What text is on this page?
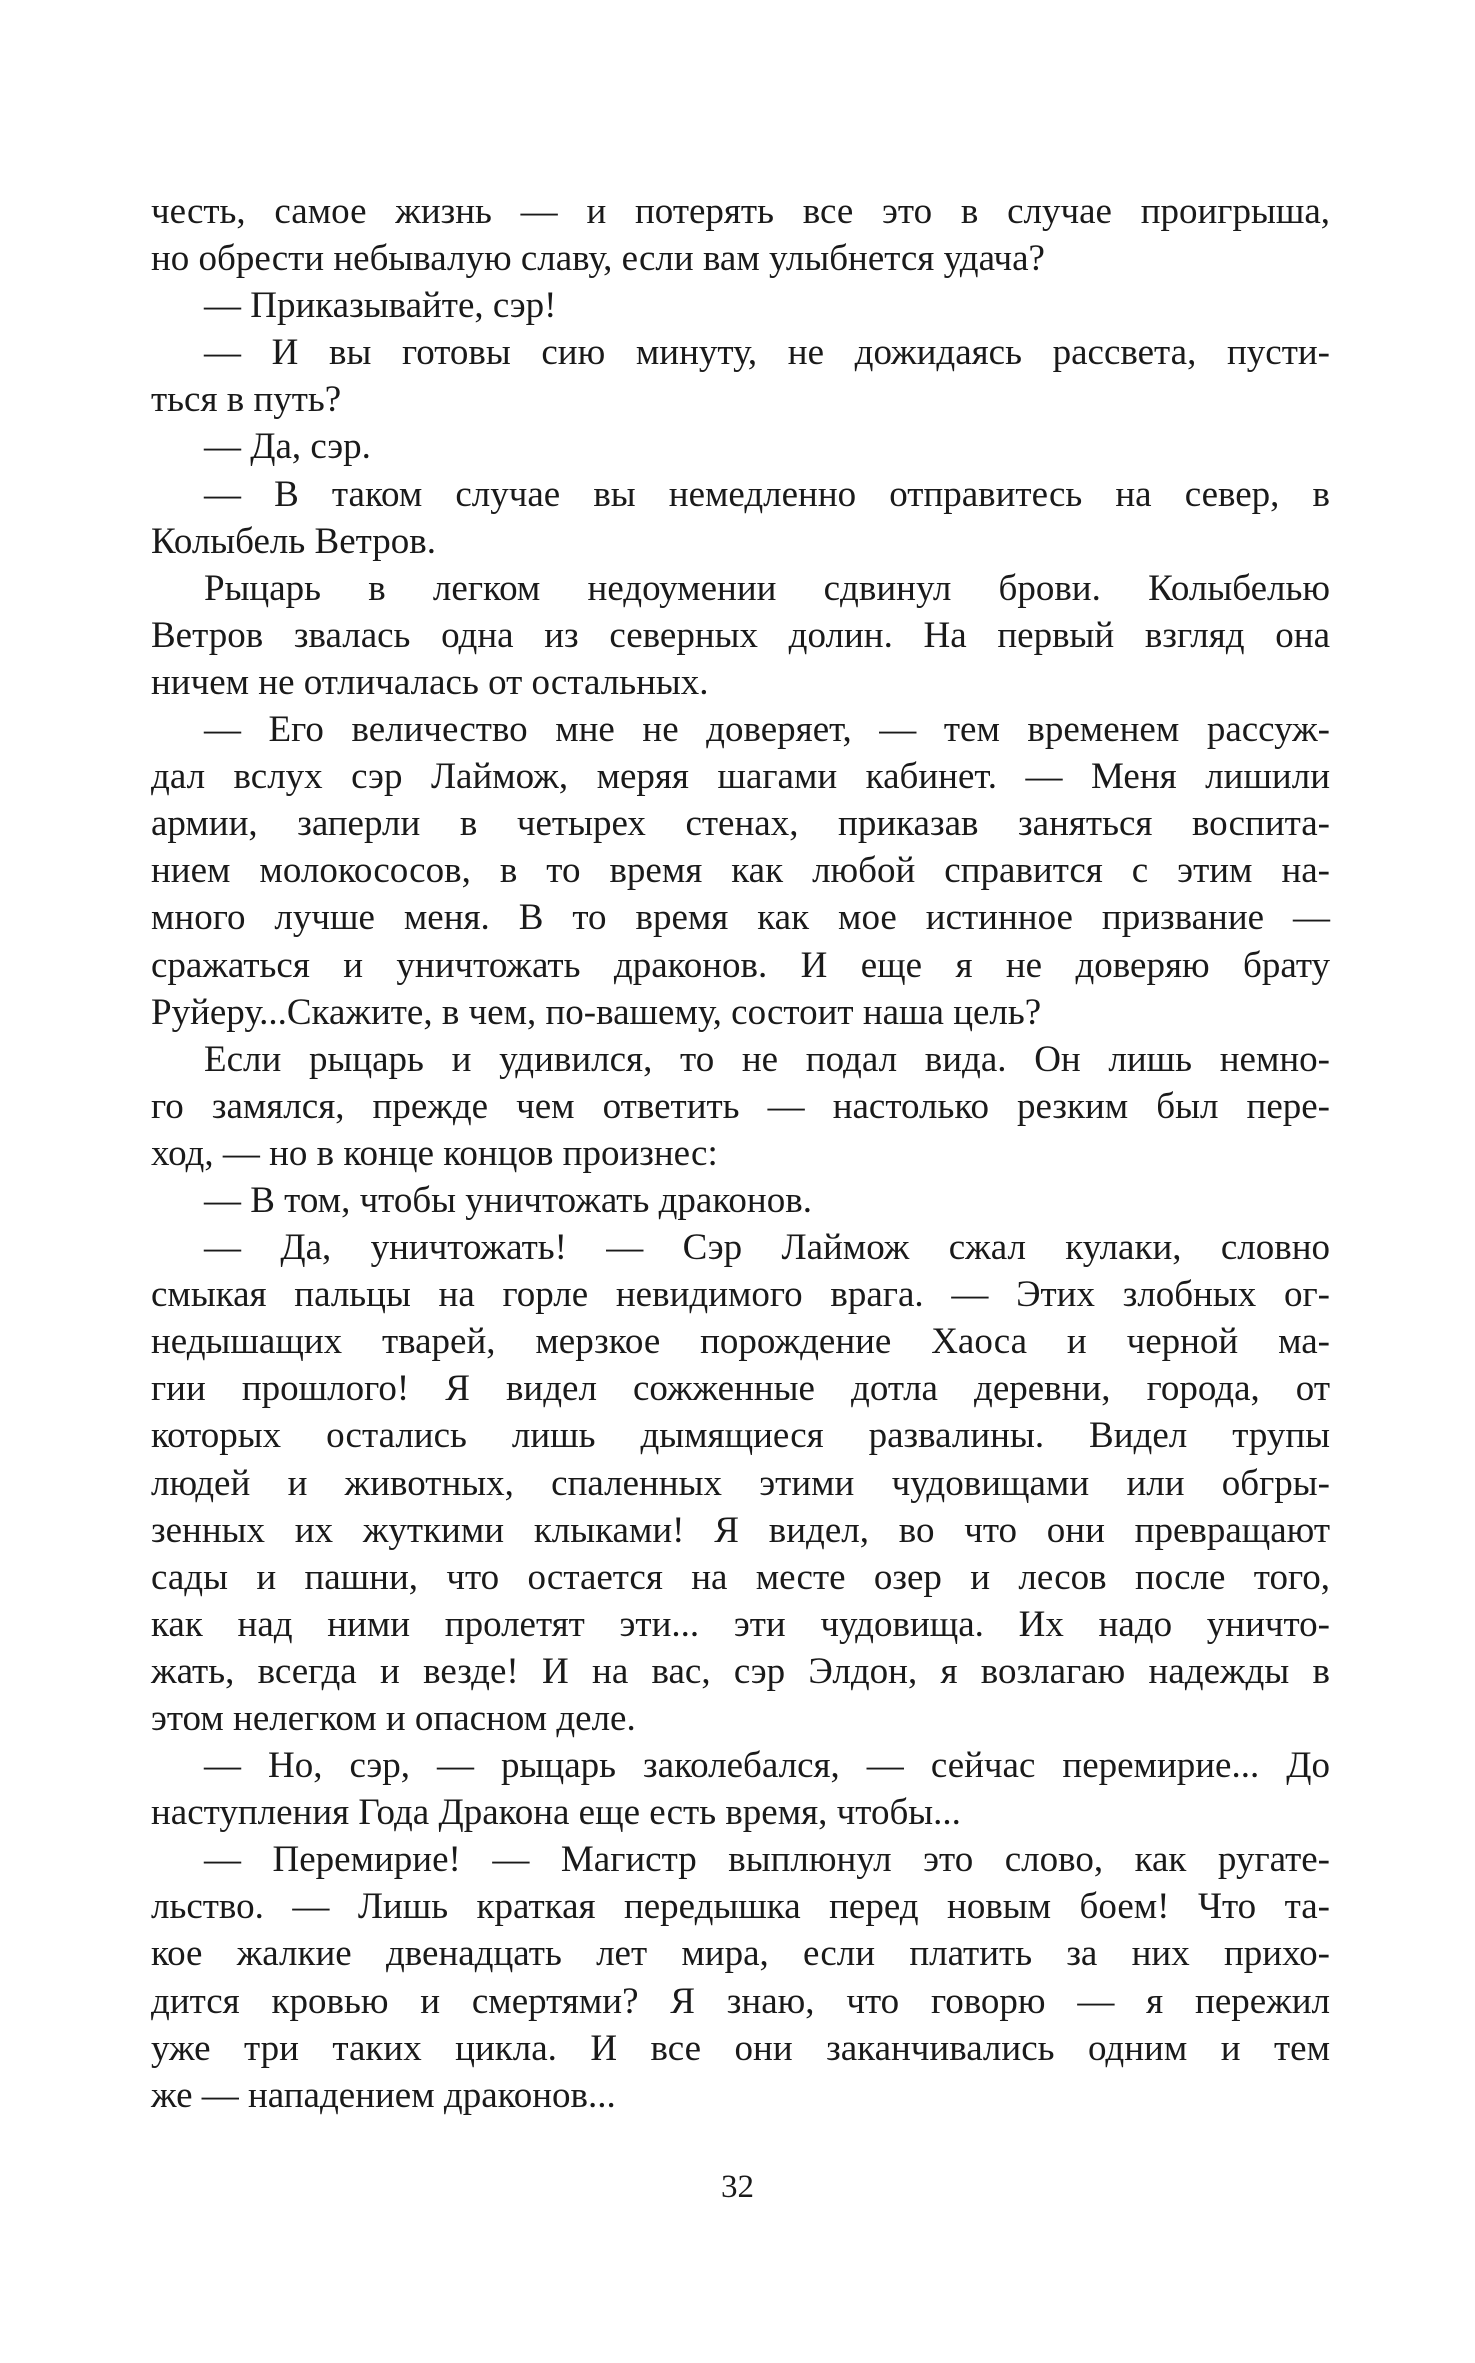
честь, самое жизнь — и потерять все это в случае проигрыша,
но обрести небывалую славу, если вам улыбнется удача?
— Приказывайте, сэр!
— И вы готовы сию минуту, не дожидаясь рассвета, пусти-
ться в путь?
— Да, сэр.
— В таком случае вы немедленно отправитесь на север, в
Колыбель Ветров.
Рыцарь в легком недоумении сдвинул брови. Колыбелью
Ветров звалась одна из северных долин. На первый взгляд она
ничем не отличалась от остальных.
— Его величество мне не доверяет, — тем временем рассуж-
дал вслух сэр Лаймож, меряя шагами кабинет. — Меня лишили
армии, заперли в четырех стенах, приказав заняться воспита-
нием молокососов, в то время как любой справится с этим на-
много лучше меня. В то время как мое истинное призвание —
сражаться и уничтожать драконов. И еще я не доверяю брату
Руйеру...Скажите, в чем, по-вашему, состоит наша цель?
Если рыцарь и удивился, то не подал вида. Он лишь немно-
го замялся, прежде чем ответить — настолько резким был пере-
ход, — но в конце концов произнес:
— В том, чтобы уничтожать драконов.
— Да, уничтожать! — Сэр Лаймож сжал кулаки, словно
смыкая пальцы на горле невидимого врага. — Этих злобных ог-
недышащих тварей, мерзкое порождение Хаоса и черной ма-
гии прошлого! Я видел сожженные дотла деревни, города, от
которых остались лишь дымящиеся развалины. Видел трупы
людей и животных, спаленных этими чудовищами или обгры-
зенных их жуткими клыками! Я видел, во что они превращают
сады и пашни, что остается на месте озер и лесов после того,
как над ними пролетят эти... эти чудовища. Их надо уничто-
жать, всегда и везде! И на вас, сэр Элдон, я возлагаю надежды в
этом нелегком и опасном деле.
— Но, сэр, — рыцарь заколебался, — сейчас перемирие... До
наступления Года Дракона еще есть время, чтобы...
— Перемирие! — Магистр выплюнул это слово, как ругате-
льство. — Лишь краткая передышка перед новым боем! Что та-
кое жалкие двенадцать лет мира, если платить за них прихо-
дится кровью и смертями? Я знаю, что говорю — я пережил
уже три таких цикла. И все они заканчивались одним и тем
же — нападением драконов...
32
